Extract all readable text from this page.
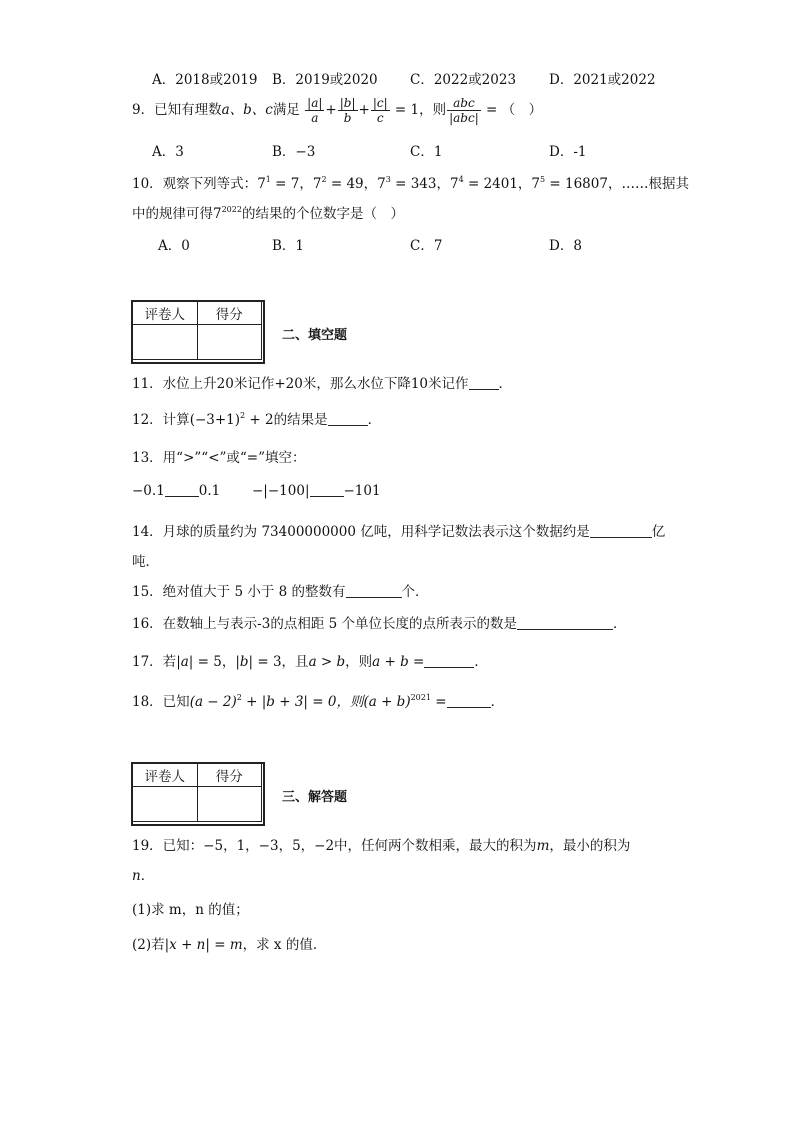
A．2018或2019 B．2019或2020 C．2022或2023 D．2021或2022
9．已知有理数a、b、c满足 $\frac{|a|}{a} + \frac{|b|}{b} + \frac{|c|}{c} = 1$，则 $\frac{\text{abc}}{\text{|abc|}}$ = （　）
A．3	B．−3	C．1	D．-1
10．观察下列等式：$7^1 = 7$，$7^2 = 49$，$7^3 = 343$，$7^4 = 2401$，$7^5 = 16807$，……根据其
中的规律可得$7^{2022}$的结果的个位数字是（　）
A．0	B．1	C．7	D．8
评卷人	得分

二、填空题
11．水位上升20米记作+20米，那么水位下降10米记作 ．
12．计算$(-3+1)^2 + 2$的结果是	．
13．用“>”“<”或“=”填空：
−0.1	0.1 −|−100|	−101
14．月球的质量约为 73400000000 亿吨，用科学记数法表示这个数据约是	亿
吨．
15．绝对值大于 5 小于 8 的整数有	个．
16．在数轴上与表示-3的点相距 5 个单位长度的点所表示的数是	．
17．若|a| = 5，|b| = 3，且a > b，则a + b =	．
18．已知$(a - 2)^2 + |b + 3| = 0$，则$(a + b)^{2021}$ =	．
评卷人	得分

三、解答题
19．已知：−5，1，−3，5，−2中，任何两个数相乘，最大的积为m，最小的积为
n．
(1)求 m，n 的值；
(2)若|x + n| = m，求 x 的值．
